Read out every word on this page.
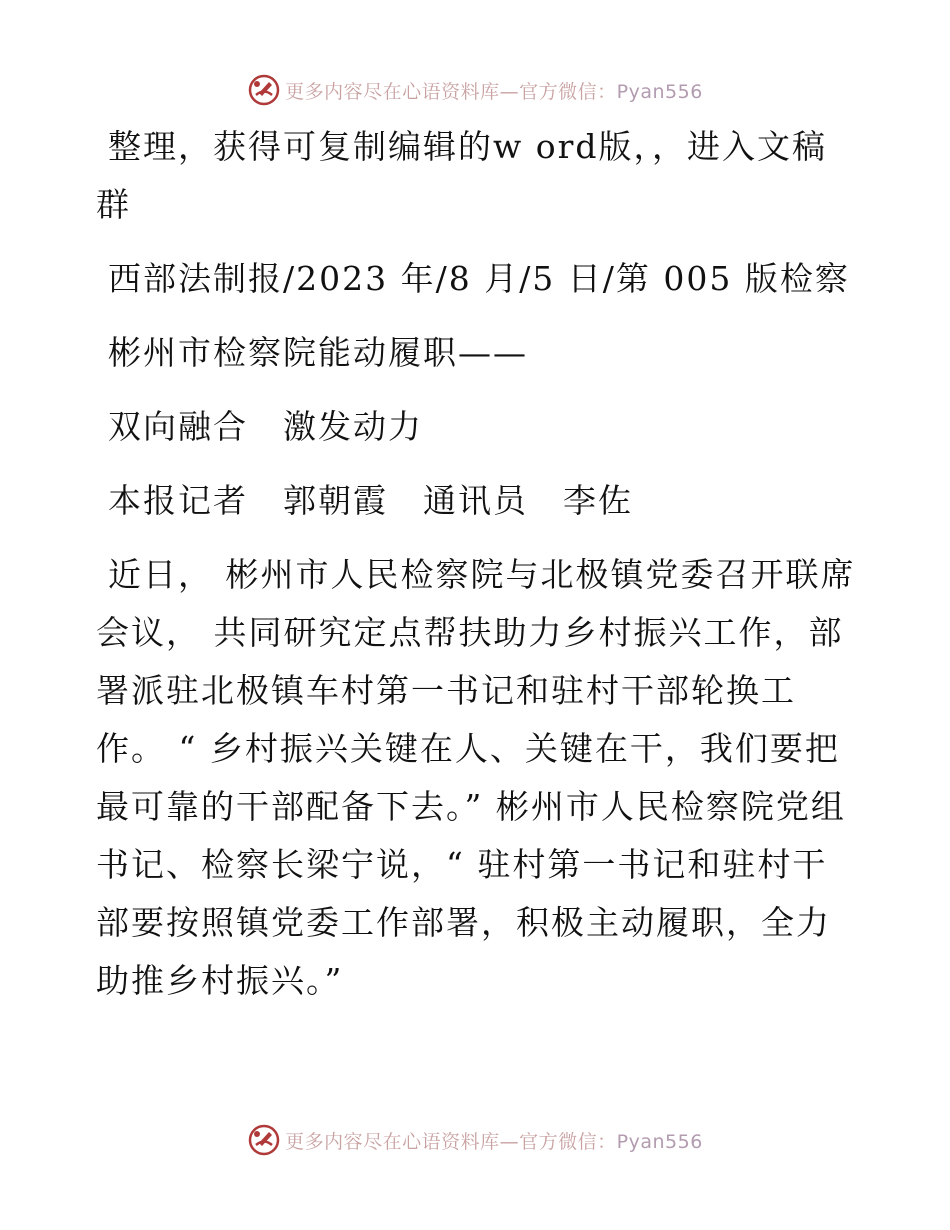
更多内容尽在心语资料库—官方微信：Pyan556

整理，获得可复制编辑的w ord版，，进入文稿群

西部法制报/2023 年/8 月/5 日/第 005 版检察

彬州市检察院能动履职——

双向融合　激发动力

本报记者　郭朝霞　通讯员　李佐

近日， 彬州市人民检察院与北极镇党委召开联席会议， 共同研究定点帮扶助力乡村振兴工作，部署派驻北极镇车村第一书记和驻村干部轮换工作。 “ 乡村振兴关键在人、关键在干，我们要把最可靠的干部配备下去。” 彬州市人民检察院党组书记、检察长梁宁说，“ 驻村第一书记和驻村干部要按照镇党委工作部署，积极主动履职，全力助推乡村振兴。”

更多内容尽在心语资料库—官方微信：Pyan556
